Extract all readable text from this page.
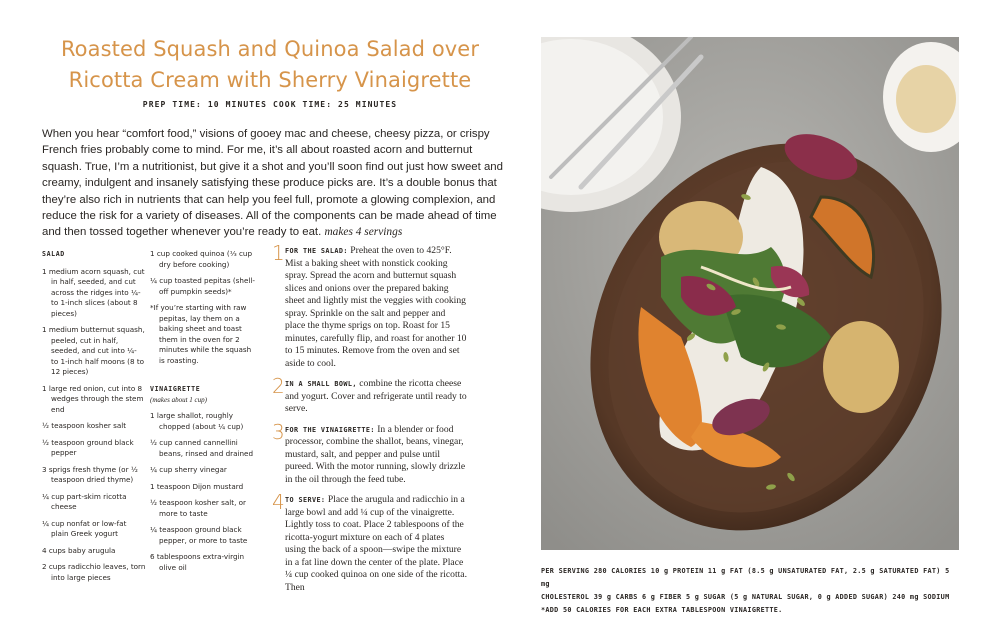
Roasted Squash and Quinoa Salad over
Ricotta Cream with Sherry Vinaigrette
PREP TIME: 10 MINUTES COOK TIME: 25 MINUTES

When you hear “comfort food,” visions of gooey mac and cheese, cheesy pizza, or crispy French fries probably come to mind. For me, it’s all about roasted acorn and butternut squash. True, I’m a nutritionist, but give it a shot and you’ll soon find out just how sweet and creamy, indulgent and insanely satisfying these produce picks are. It’s a double bonus that they’re also rich in nutrients that can help you feel full, promote a glowing complexion, and reduce the risk for a variety of diseases. All of the components can be made ahead of time and then tossed together whenever you’re ready to eat. makes 4 servings

SALAD
1 medium acorn squash, cut in half, seeded, and cut across the ridges into ¼- to 1-inch slices (about 8 pieces)
1 medium butternut squash, peeled, cut in half, seeded, and cut into ¼- to 1-inch half moons (8 to 12 pieces)
1 large red onion, cut into 8 wedges through the stem end
½ teaspoon kosher salt
½ teaspoon ground black pepper
3 sprigs fresh thyme (or ½ teaspoon dried thyme)
¼ cup part-skim ricotta cheese
¼ cup nonfat or low-fat plain Greek yogurt
4 cups baby arugula
2 cups radicchio leaves, torn into large pieces
1 cup cooked quinoa (⅓ cup dry before cooking)
¼ cup toasted pepitas (shell-off pumpkin seeds)*
*If you’re starting with raw pepitas, lay them on a baking sheet and toast them in the oven for 2 minutes while the squash is roasting.
VINAIGRETTE
(makes about 1 cup)
1 large shallot, roughly chopped (about ¼ cup)
½ cup canned cannellini beans, rinsed and drained
¼ cup sherry vinegar
1 teaspoon Dijon mustard
½ teaspoon kosher salt, or more to taste
¼ teaspoon ground black pepper, or more to taste
6 tablespoons extra-virgin olive oil
1 FOR THE SALAD: Preheat the oven to 425°F. Mist a baking sheet with nonstick cooking spray. Spread the acorn and butternut squash slices and onions over the prepared baking sheet and lightly mist the veggies with cooking spray. Sprinkle on the salt and pepper and place the thyme sprigs on top. Roast for 15 minutes, carefully flip, and roast for another 10 to 15 minutes. Remove from the oven and set aside to cool.
2 IN A SMALL BOWL, combine the ricotta cheese and yogurt. Cover and refrigerate until ready to serve.
3 FOR THE VINAIGRETTE: In a blender or food processor, combine the shallot, beans, vinegar, mustard, salt, and pepper and pulse until pureed. With the motor running, slowly drizzle in the oil through the feed tube.
4 TO SERVE: Place the arugula and radicchio in a large bowl and add ¼ cup of the vinaigrette. Lightly toss to coat. Place 2 tablespoons of the ricotta-yogurt mixture on each of 4 plates using the back of a spoon—swipe the mixture in a fat line down the center of the plate. Place ¼ cup cooked quinoa on one side of the ricotta. Then
PER SERVING 280 CALORIES 10 g PROTEIN 11 g FAT (8.5 g UNSATURATED FAT, 2.5 g SATURATED FAT) 5 mg
CHOLESTEROL 39 g CARBS 6 g FIBER 5 g SUGAR (5 g NATURAL SUGAR, 0 g ADDED SUGAR) 240 mg SODIUM
*ADD 50 CALORIES FOR EACH EXTRA TABLESPOON VINAIGRETTE.
